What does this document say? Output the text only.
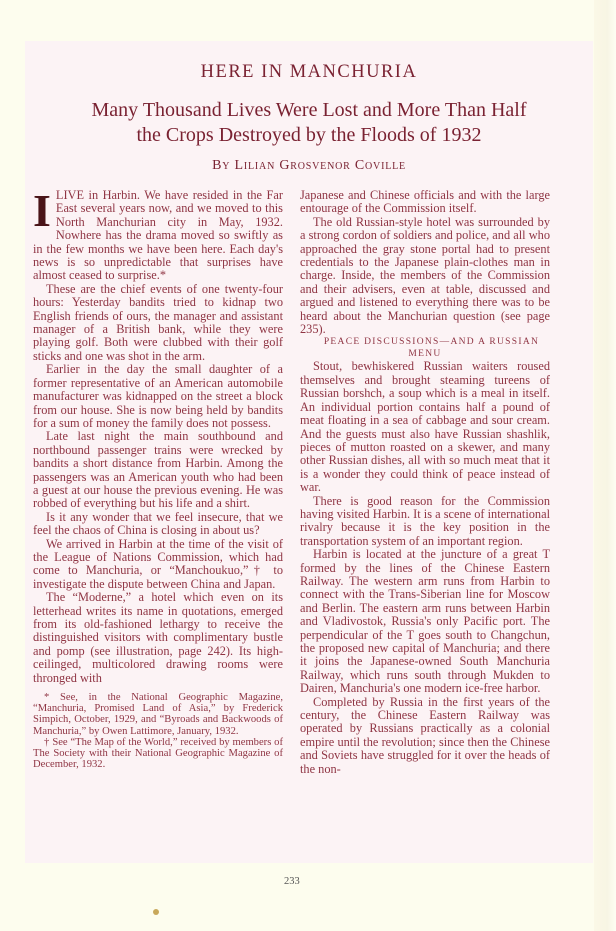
HERE IN MANCHURIA
Many Thousand Lives Were Lost and More Than Half
the Crops Destroyed by the Floods of 1932
By Lilian Grosvenor Coville

I LIVE in Harbin. We have resided in the Far East several years now, and we moved to this North Manchurian city in May, 1932. Nowhere has the drama moved so swiftly as in the few months we have been here. Each day's news is so unpredictable that surprises have almost ceased to surprise.*

These are the chief events of one twenty-four hours: Yesterday bandits tried to kidnap two English friends of ours, the manager and assistant manager of a British bank, while they were playing golf. Both were clubbed with their golf sticks and one was shot in the arm.

Earlier in the day the small daughter of a former representative of an American automobile manufacturer was kidnapped on the street a block from our house. She is now being held by bandits for a sum of money the family does not possess.

Late last night the main southbound and northbound passenger trains were wrecked by bandits a short distance from Harbin. Among the passengers was an American youth who had been a guest at our house the previous evening. He was robbed of everything but his life and a shirt.

Is it any wonder that we feel insecure, that we feel the chaos of China is closing in about us?

We arrived in Harbin at the time of the visit of the League of Nations Commission, which had come to Manchuria, or “Manchoukuo,”† to investigate the dispute between China and Japan.

The “Moderne,” a hotel which even on its letterhead writes its name in quotations, emerged from its old-fashioned lethargy to receive the distinguished visitors with complimentary bustle and pomp (see illustration, page 242). Its high-ceilinged, multicolored drawing rooms were thronged with

* See, in the National Geographic Magazine, “Manchuria, Promised Land of Asia,” by Frederick Simpich, October, 1929, and “Byroads and Backwoods of Manchuria,” by Owen Lattimore, January, 1932.

† See “The Map of the World,” received by members of The Society with their National Geographic Magazine of December, 1932.

Japanese and Chinese officials and with the large entourage of the Commission itself.

The old Russian-style hotel was surrounded by a strong cordon of soldiers and police, and all who approached the gray stone portal had to present credentials to the Japanese plain-clothes man in charge. Inside, the members of the Commission and their advisers, even at table, discussed and argued and listened to everything there was to be heard about the Manchurian question (see page 235).

PEACE DISCUSSIONS—AND A RUSSIAN MENU

Stout, bewhiskered Russian waiters roused themselves and brought steaming tureens of Russian borshch, a soup which is a meal in itself. An individual portion contains half a pound of meat floating in a sea of cabbage and sour cream. And the guests must also have Russian shashlik, pieces of mutton roasted on a skewer, and many other Russian dishes, all with so much meat that it is a wonder they could think of peace instead of war.

There is good reason for the Commission having visited Harbin. It is a scene of international rivalry because it is the key position in the transportation system of an important region.

Harbin is located at the juncture of a great T formed by the lines of the Chinese Eastern Railway. The western arm runs from Harbin to connect with the Trans-Siberian line for Moscow and Berlin. The eastern arm runs between Harbin and Vladivostok, Russia's only Pacific port. The perpendicular of the T goes south to Changchun, the proposed new capital of Manchuria; and there it joins the Japanese-owned South Manchuria Railway, which runs south through Mukden to Dairen, Manchuria's one modern ice-free harbor.

Completed by Russia in the first years of the century, the Chinese Eastern Railway was operated by Russians practically as a colonial empire until the revolution; since then the Chinese and Soviets have struggled for it over the heads of the non-

233
